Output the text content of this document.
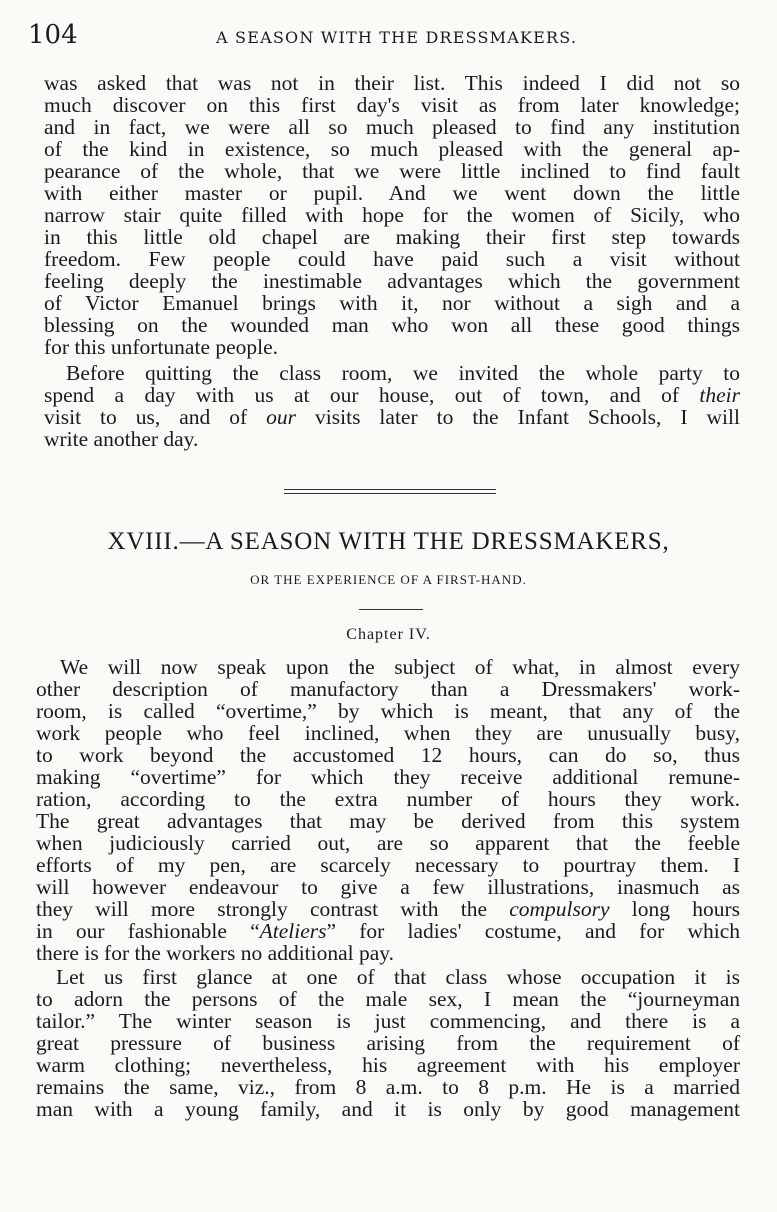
104	A SEASON WITH THE DRESSMAKERS.
was asked that was not in their list. This indeed I did not so
much discover on this first day's visit as from later knowledge;
and in fact, we were all so much pleased to find any institution
of the kind in existence, so much pleased with the general ap-
pearance of the whole, that we were little inclined to find fault
with either master or pupil. And we went down the little
narrow stair quite filled with hope for the women of Sicily, who
in this little old chapel are making their first step towards
freedom. Few people could have paid such a visit without
feeling deeply the inestimable advantages which the government
of Victor Emanuel brings with it, nor without a sigh and a
blessing on the wounded man who won all these good things
for this unfortunate people.
Before quitting the class room, we invited the whole party to
spend a day with us at our house, out of town, and of their
visit to us, and of our visits later to the Infant Schools, I will
write another day.
XVIII.—A SEASON WITH THE DRESSMAKERS,
OR THE EXPERIENCE OF A FIRST-HAND.
Chapter IV.
We will now speak upon the subject of what, in almost every
other description of manufactory than a Dressmakers' work-
room, is called “overtime,” by which is meant, that any of the
work people who feel inclined, when they are unusually busy,
to work beyond the accustomed 12 hours, can do so, thus
making “overtime” for which they receive additional remune-
ration, according to the extra number of hours they work.
The great advantages that may be derived from this system
when judiciously carried out, are so apparent that the feeble
efforts of my pen, are scarcely necessary to pourtray them. I
will however endeavour to give a few illustrations, inasmuch as
they will more strongly contrast with the compulsory long hours
in our fashionable “Ateliers” for ladies' costume, and for which
there is for the workers no additional pay.
Let us first glance at one of that class whose occupation it is
to adorn the persons of the male sex, I mean the “journeyman
tailor.” The winter season is just commencing, and there is a
great pressure of business arising from the requirement of
warm clothing; nevertheless, his agreement with his employer
remains the same, viz., from 8 a.m. to 8 p.m. He is a married
man with a young family, and it is only by good management
